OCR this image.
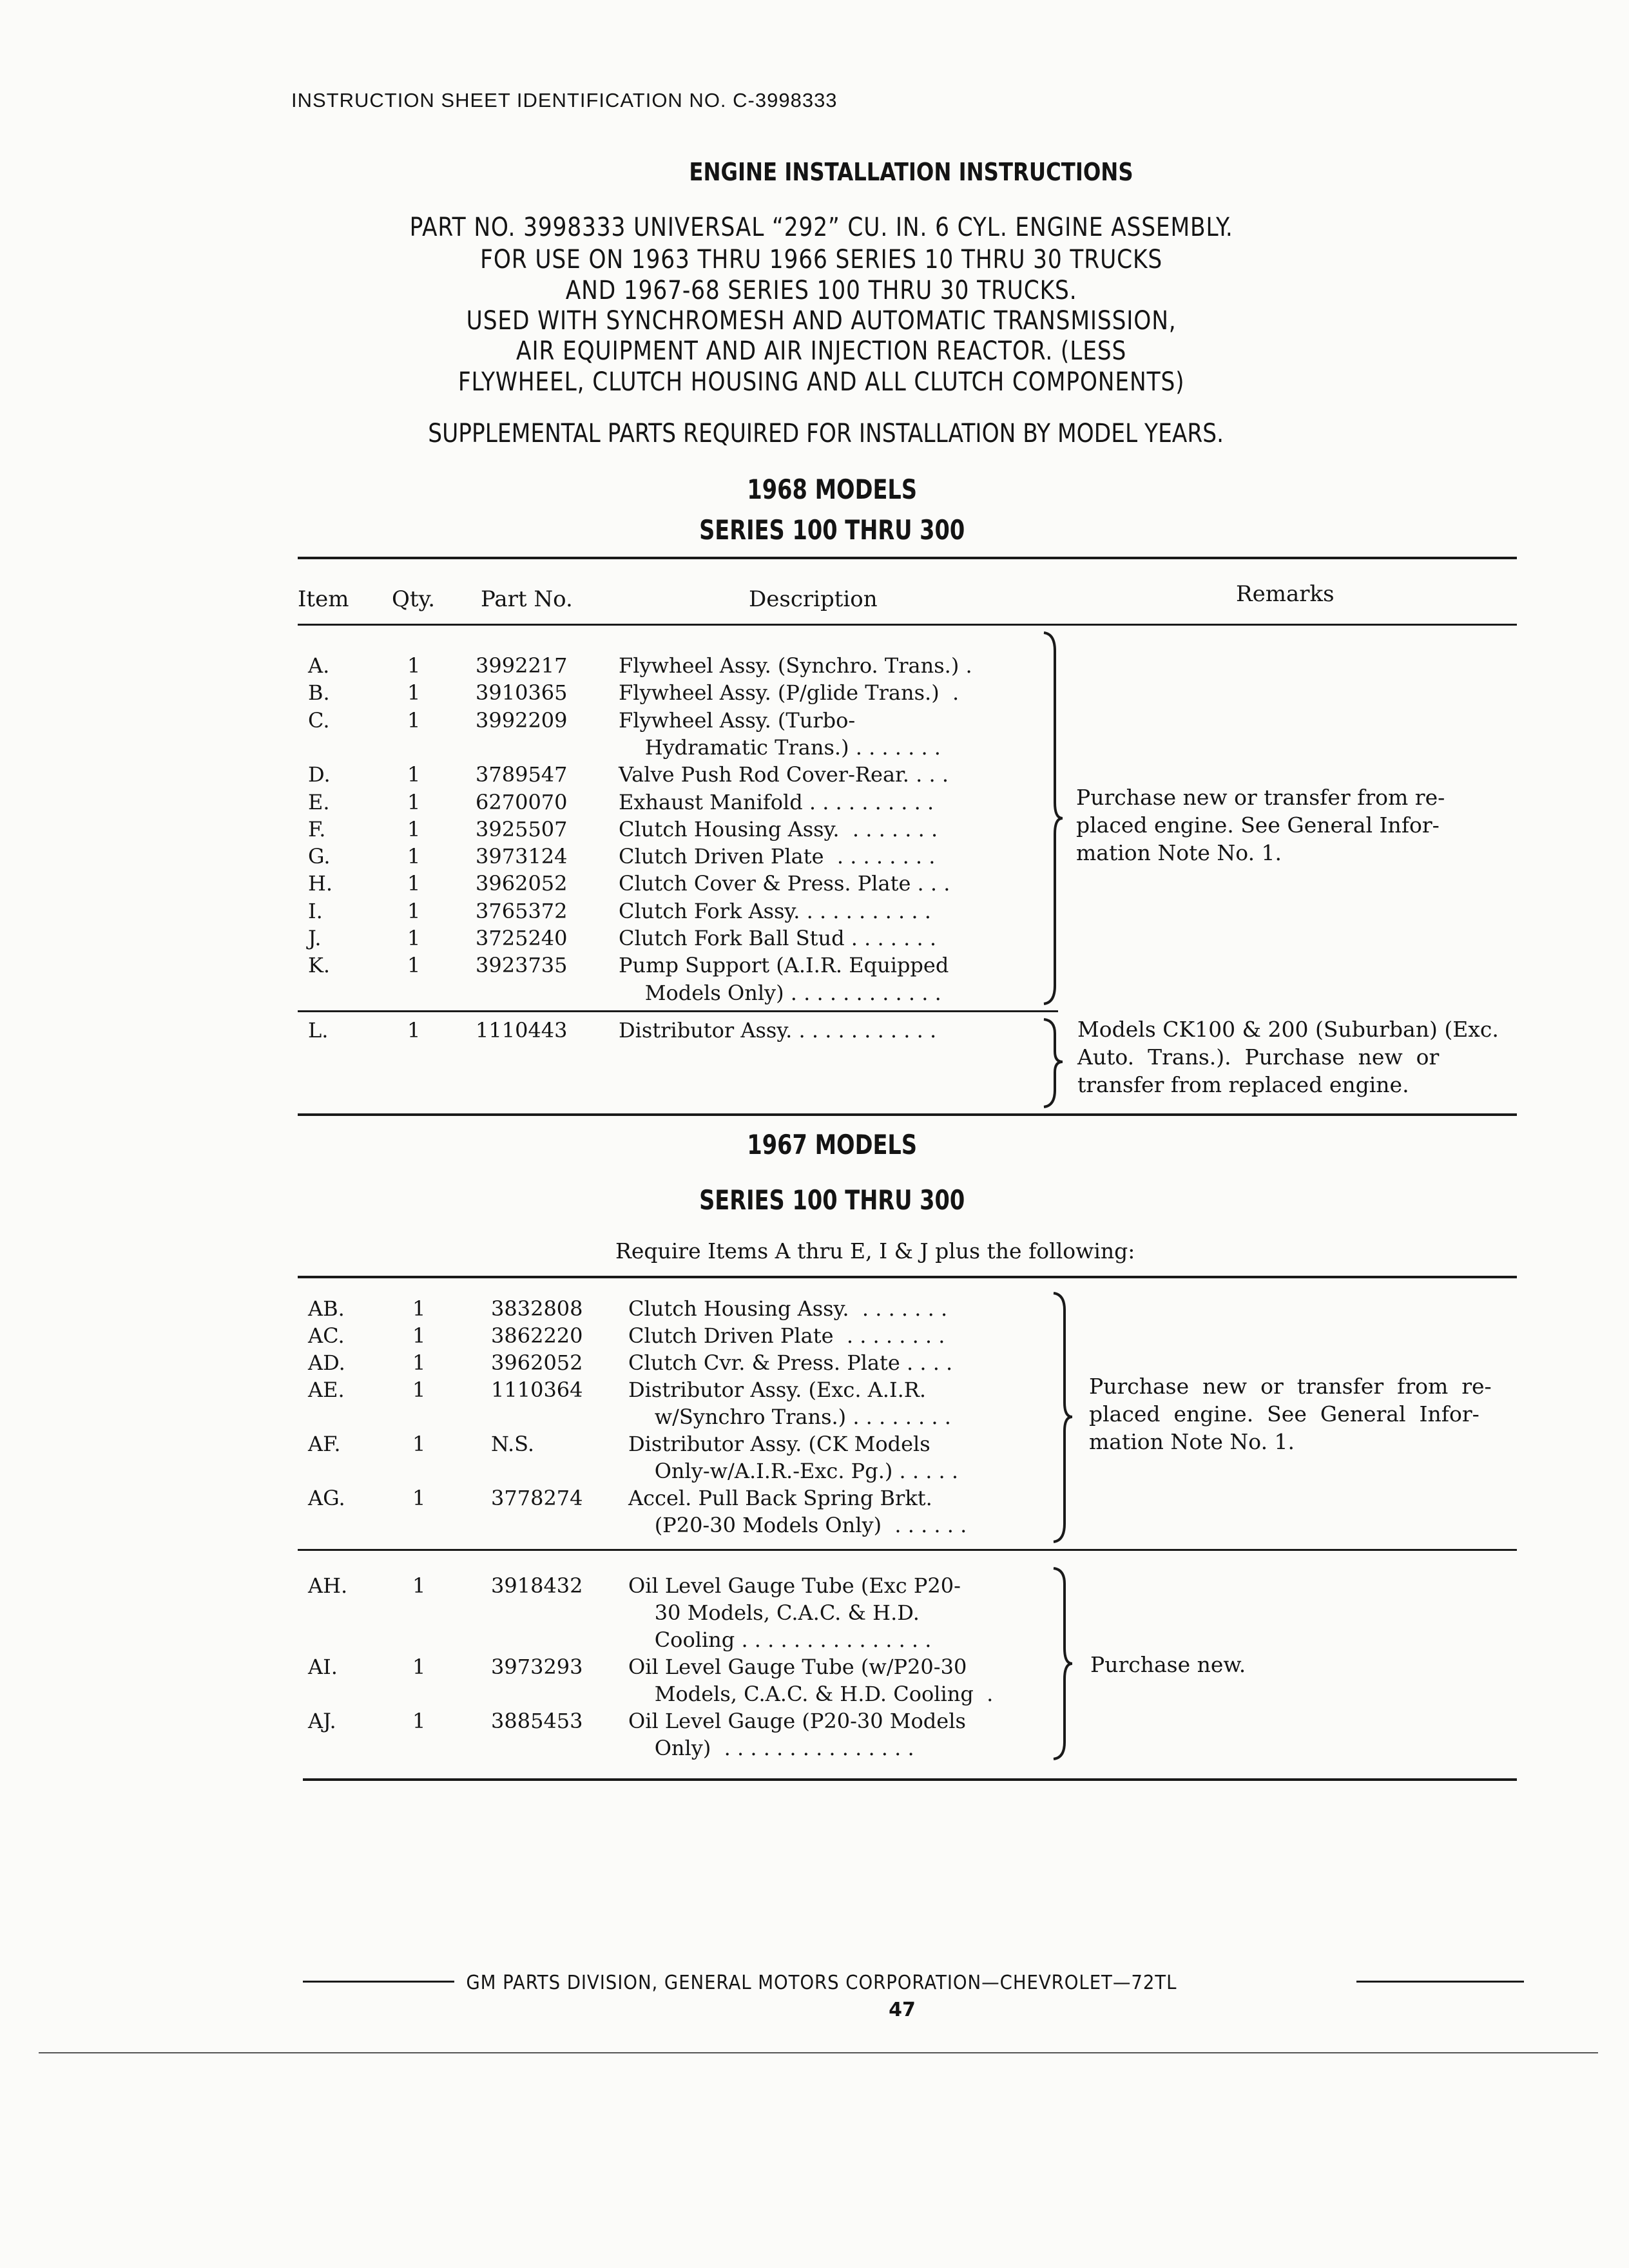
INSTRUCTION SHEET IDENTIFICATION NO. C-3998333
ENGINE INSTALLATION INSTRUCTIONS
PART NO. 3998333 UNIVERSAL “292” CU. IN. 6 CYL. ENGINE ASSEMBLY.
FOR USE ON 1963 THRU 1966 SERIES 10 THRU 30 TRUCKS
AND 1967-68 SERIES 100 THRU 30 TRUCKS.
USED WITH SYNCHROMESH AND AUTOMATIC TRANSMISSION,
AIR EQUIPMENT AND AIR INJECTION REACTOR. (LESS
FLYWHEEL, CLUTCH HOUSING AND ALL CLUTCH COMPONENTS)
SUPPLEMENTAL PARTS REQUIRED FOR INSTALLATION BY MODEL YEARS.
1968 MODELS
SERIES 100 THRU 300
Item Qty. Part No.	Description	Remarks
A.	1	3992217 Flywheel Assy. (Synchro. Trans.) .
B.	1	3910365 Flywheel Assy. (P/glide Trans.)  .
C.	1	3992209 Flywheel Assy. (Turbo-
Hydramatic Trans.) . . . . . . .
D.	1	3789547 Valve Push Rod Cover-Rear. . . .
E.	1	6270070 Exhaust Manifold . . . . . . . . . .
F.	1	3925507 Clutch Housing Assy.  . . . . . . .
G.	1	3973124 Clutch Driven Plate  . . . . . . . .
H.	1	3962052 Clutch Cover & Press. Plate . . .
I.	1	3765372 Clutch Fork Assy. . . . . . . . . . .
J.	1	3725240 Clutch Fork Ball Stud . . . . . . .
K.	1	3923735 Pump Support (A.I.R. Equipped
Models Only) . . . . . . . . . . . .
Purchase new or transfer from re-
placed engine. See General Infor-
mation Note No. 1.
L.	1	1110443 Distributor Assy. . . . . . . . . . . .	Models CK100 & 200 (Suburban) (Exc.
Auto.  Trans.).  Purchase  new  or
transfer from replaced engine.
1967 MODELS
SERIES 100 THRU 300
Require Items A thru E, I & J plus the following:
AB.	1	3832808 Clutch Housing Assy.  . . . . . . .
AC.	1	3862220 Clutch Driven Plate  . . . . . . . .
AD.	1	3962052 Clutch Cvr. & Press. Plate . . . .
AE.	1	1110364 Distributor Assy. (Exc. A.I.R.
w/Synchro Trans.) . . . . . . . .
AF.	1	N.S.	Distributor Assy. (CK Models
Only-w/A.I.R.-Exc. Pg.) . . . . .
AG.	1	3778274 Accel. Pull Back Spring Brkt.
(P20-30 Models Only)  . . . . . .
Purchase  new  or  transfer  from  re-
placed  engine.  See  General  Infor-
mation Note No. 1.
AH.	1	3918432 Oil Level Gauge Tube (Exc P20-
30 Models, C.A.C. & H.D.
Cooling . . . . . . . . . . . . . . .
AI.	1	3973293 Oil Level Gauge Tube (w/P20-30
Models, C.A.C. & H.D. Cooling  .
AJ.	1	3885453 Oil Level Gauge (P20-30 Models
Only)  . . . . . . . . . . . . . . .
Purchase new.
GM PARTS DIVISION, GENERAL MOTORS CORPORATION—CHEVROLET—72TL
47
